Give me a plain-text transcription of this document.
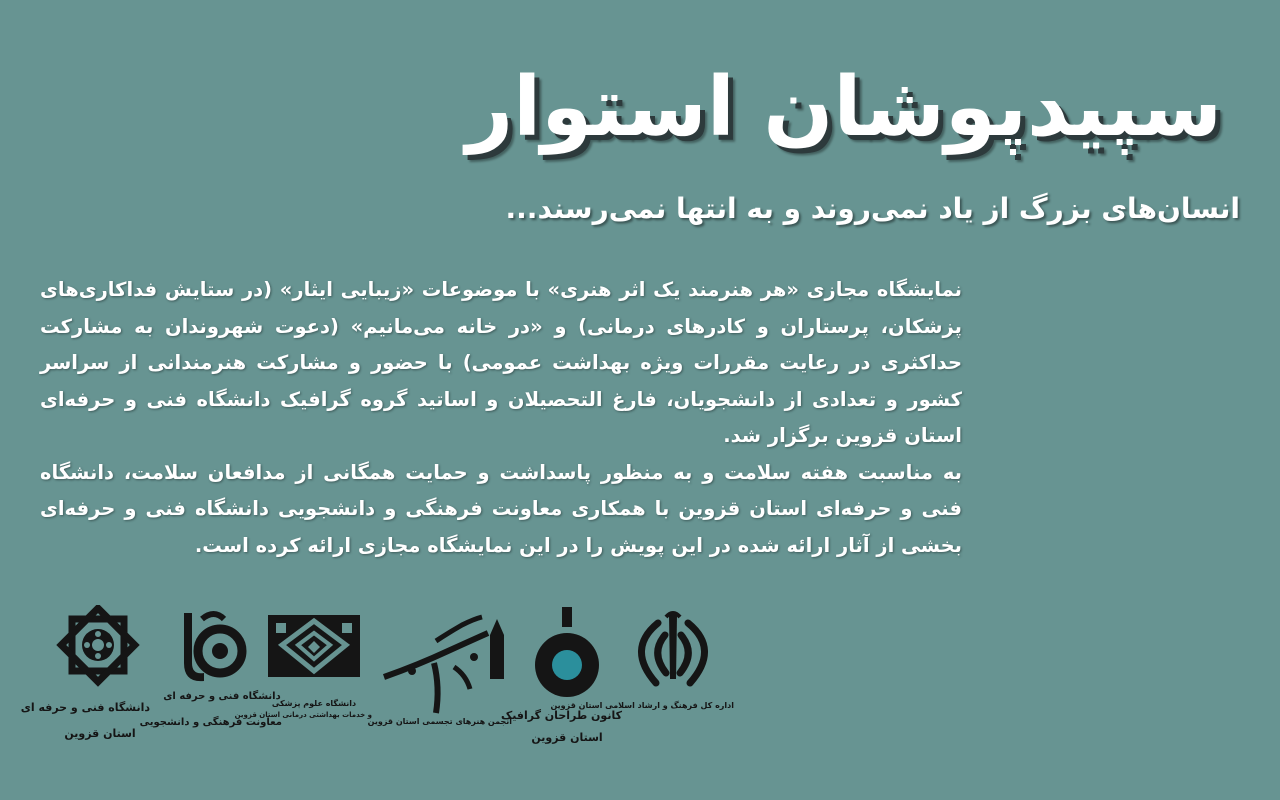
سپیدپوشان استوار
انسان‌های بزرگ از یاد نمی‌روند و به انتها نمی‌رسند...

نمایشگاه مجازی «هر هنرمند یک اثر هنری» با موضوعات «زیبایی ایثار» (در ستایش فداکاری‌های پزشکان، پرستاران و کادرهای درمانی) و «در خانه می‌مانیم» (دعوت شهروندان به مشارکت حداکثری در رعایت مقررات ویژه بهداشت عمومی) با حضور و مشارکت هنرمندانی از سراسر کشور و تعدادی از دانشجویان، فارغ التحصیلان و اساتید گروه گرافیک دانشگاه فنی و حرفه‌ای استان قزوین برگزار شد.

به مناسبت هفته سلامت و به منظور پاسداشت و حمایت همگانی از مدافعان سلامت، دانشگاه فنی و حرفه‌ای استان قزوین با همکاری معاونت فرهنگی و دانشجویی دانشگاه فنی و حرفه‌ای بخشی از آثار ارائه شده در این پویش را در این نمایشگاه مجازی ارائه کرده است.

دانشگاه فنی و حرفه ای
استان قزوین
دانشگاه فنی و حرفه ای
معاونت فرهنگی و دانشجویی
دانشگاه علوم پزشکی
و خدمات بهداشتی درمانی استان قزوین
انجمن هنرهای تجسمی استان قزوین
کانون طراحان گرافیک
استان قزوین
اداره کل فرهنگ و ارشاد اسلامی استان قزوین
